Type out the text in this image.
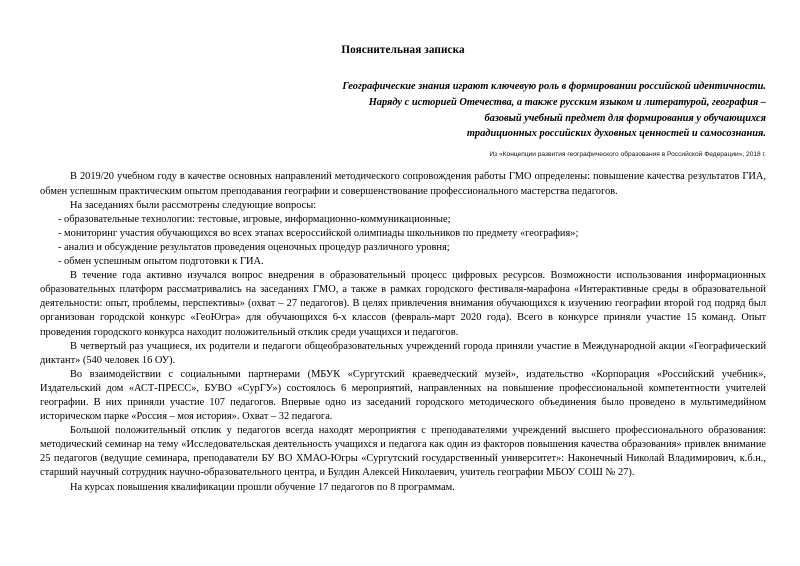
Пояснительная записка
Географические знания играют ключевую роль в формировании российской идентичности.
Наряду с историей Отечества, а также русским языком и литературой, география –
базовый учебный предмет для формирования у обучающихся
традиционных российских духовных ценностей и самосознания.
Из «Концепции развития географического образования в Российской Федерации», 2018 г.

В 2019/20 учебном году в качестве основных направлений методического сопровождения работы ГМО определены: повышение качества результатов ГИА, обмен успешным практическим опытом преподавания географии и совершенствование профессионального мастерства педагогов.

На заседаниях были рассмотрены следующие вопросы:

- образовательные технологии: тестовые, игровые, информационно-коммуникационные;

- мониторинг участия обучающихся во всех этапах всероссийской олимпиады школьников по предмету «география»;

- анализ и обсуждение результатов проведения оценочных процедур различного уровня;

- обмен успешным опытом подготовки к ГИА.

В течение года активно изучался вопрос внедрения в образовательный процесс цифровых ресурсов. Возможности использования информационных образовательных платформ рассматривались на заседаниях ГМО, а также в рамках городского фестиваля-марафона «Интерактивные среды в образовательной деятельности: опыт, проблемы, перспективы» (охват – 27 педагогов). В целях привлечения внимания обучающихся к изучению географии второй год подряд был организован городской конкурс «ГеоЮгра» для обучающихся 6-х классов (февраль-март 2020 года). Всего в конкурсе приняли участие 15 команд. Опыт проведения городского конкурса находит положительный отклик среди учащихся и педагогов.

В четвертый раз учащиеся, их родители и педагоги общеобразовательных учреждений города приняли участие в Международной акции «Географический диктант» (540 человек 16 ОУ).

Во взаимодействии с социальными партнерами (МБУК «Сургутский краеведческий музей», издательство «Корпорация «Российский учебник», Издательский дом «АСТ-ПРЕСС», БУВО «СурГУ») состоялось 6 мероприятий, направленных на повышение профессиональной компетентности учителей географии. В них приняли участие 107 педагогов. Впервые одно из заседаний городского методического объединения было проведено в мультимедийном историческом парке «Россия – моя история». Охват – 32 педагога.

Большой положительный отклик у педагогов всегда находят мероприятия с преподавателями учреждений высшего профессионального образования: методический семинар на тему «Исследовательская деятельность учащихся и педагога как один из факторов повышения качества образования» привлек внимание 25 педагогов (ведущие семинара, преподаватели БУ ВО ХМАО-Югры «Сургутский государственный университет»: Наконечный Николай Владимирович, к.б.н., старший научный сотрудник научно-образовательного центра, и Булдин Алексей Николаевич, учитель географии МБОУ СОШ № 27).

На курсах повышения квалификации прошли обучение 17 педагогов по 8 программам.
